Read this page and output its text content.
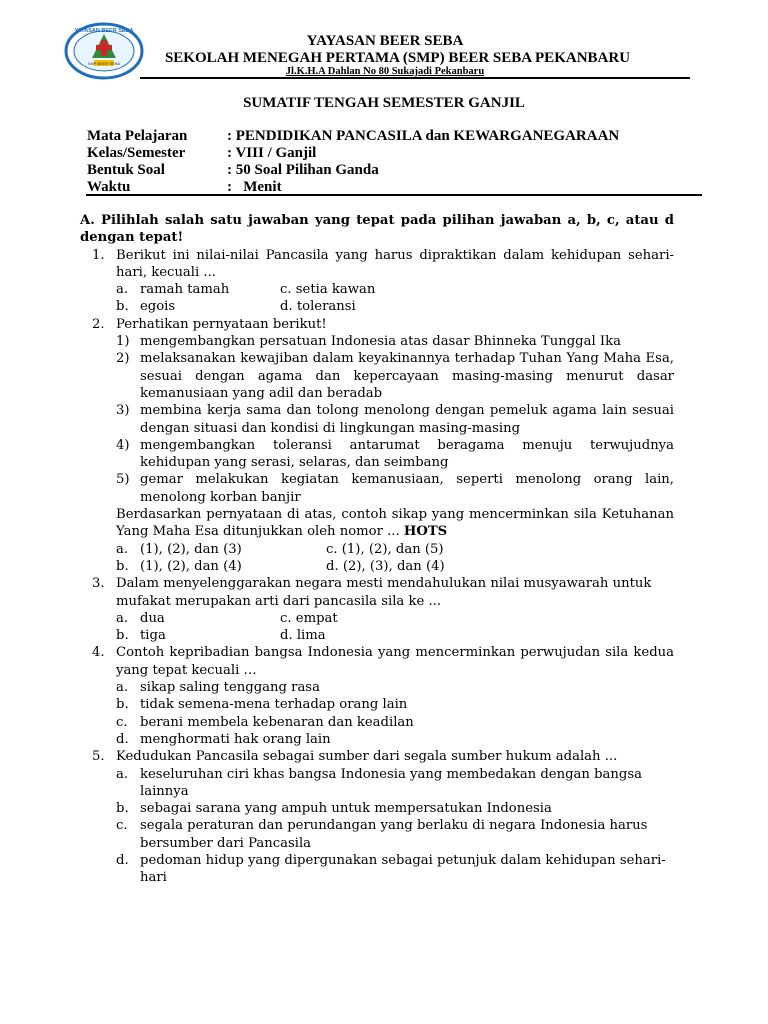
YAYASAN BEER SEBA
SMP BEER SEBA
YAYASAN BEER SEBA
SEKOLAH MENEGAH PERTAMA (SMP) BEER SEBA PEKANBARU
Jl.K.H.A Dahlan No 80 Sukajadi Pekanbaru
SUMATIF TENGAH SEMESTER GANJIL
Mata Pelajaran	: PENDIDIKAN PANCASILA dan KEWARGANEGARAAN
Kelas/Semester	: VIII / Ganjil
Bentuk Soal	: 50 Soal Pilihan Ganda
Waktu	:   Menit

A. Pilihlah salah satu jawaban yang tepat pada pilihan jawaban a, b, c, atau d dengan tepat!

1. Berikut ini nilai-nilai Pancasila yang harus dipraktikan dalam kehidupan sehari-hari, kecuali ...
a. ramah tamah	c. setia kawan
b. egois	d. toleransi
2. Perhatikan pernyataan berikut!
1) mengembangkan persatuan Indonesia atas dasar Bhinneka Tunggal Ika
2) melaksanakan kewajiban dalam keyakinannya terhadap Tuhan Yang Maha Esa, sesuai dengan agama dan kepercayaan masing-masing menurut dasar kemanusiaan yang adil dan beradab
3) membina kerja sama dan tolong menolong dengan pemeluk agama lain sesuai dengan situasi dan kondisi di lingkungan masing-masing
4) mengembangkan toleransi antarumat beragama menuju terwujudnya kehidupan yang serasi, selaras, dan seimbang
5) gemar melakukan kegiatan kemanusiaan, seperti menolong orang lain, menolong korban banjir
Berdasarkan pernyataan di atas, contoh sikap yang mencerminkan sila Ketuhanan Yang Maha Esa ditunjukkan oleh nomor ... HOTS
a. (1), (2), dan (3)	c. (1), (2), dan (5)
b. (1), (2), dan (4)	d. (2), (3), dan (4)
3. Dalam menyelenggarakan negara mesti mendahulukan nilai musyawarah untuk mufakat merupakan arti dari pancasila sila ke ...
a. dua	c. empat
b. tiga	d. lima
4. Contoh kepribadian bangsa Indonesia yang mencerminkan perwujudan sila kedua yang tepat kecuali …
a. sikap saling tenggang rasa
b. tidak semena-mena terhadap orang lain
c. berani membela kebenaran dan keadilan
d. menghormati hak orang lain
5. Kedudukan Pancasila sebagai sumber dari segala sumber hukum adalah ...
a. keseluruhan ciri khas bangsa Indonesia yang membedakan dengan bangsa lainnya
b. sebagai sarana yang ampuh untuk mempersatukan Indonesia
c. segala peraturan dan perundangan yang berlaku di negara Indonesia harus bersumber dari Pancasila
d. pedoman hidup yang dipergunakan sebagai petunjuk dalam kehidupan sehari-hari
